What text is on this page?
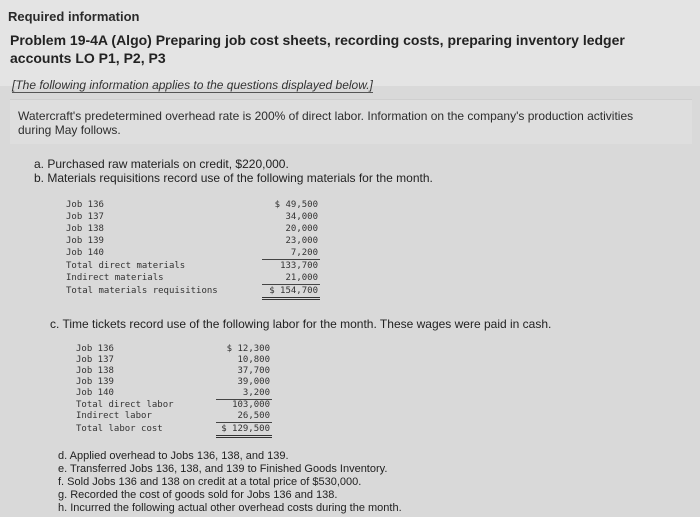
Required information
Problem 19-4A (Algo) Preparing job cost sheets, recording costs, preparing inventory ledger accounts LO P1, P2, P3
[The following information applies to the questions displayed below.]
Watercraft's predetermined overhead rate is 200% of direct labor. Information on the company's production activities during May follows.
a. Purchased raw materials on credit, $220,000.
b. Materials requisitions record use of the following materials for the month.
Job 136	$ 49,500
Job 137	34,000
Job 138	20,000
Job 139	23,000
Job 140	7,200
Total direct materials	133,700
Indirect materials	21,000
Total materials requisitions	$ 154,700
c. Time tickets record use of the following labor for the month. These wages were paid in cash.
Job 136	$ 12,300
Job 137	10,800
Job 138	37,700
Job 139	39,000
Job 140	3,200
Total direct labor	103,000
Indirect labor	26,500
Total labor cost	$ 129,500
d. Applied overhead to Jobs 136, 138, and 139.
e. Transferred Jobs 136, 138, and 139 to Finished Goods Inventory.
f. Sold Jobs 136 and 138 on credit at a total price of $530,000.
g. Recorded the cost of goods sold for Jobs 136 and 138.
h. Incurred the following actual other overhead costs during the month.
